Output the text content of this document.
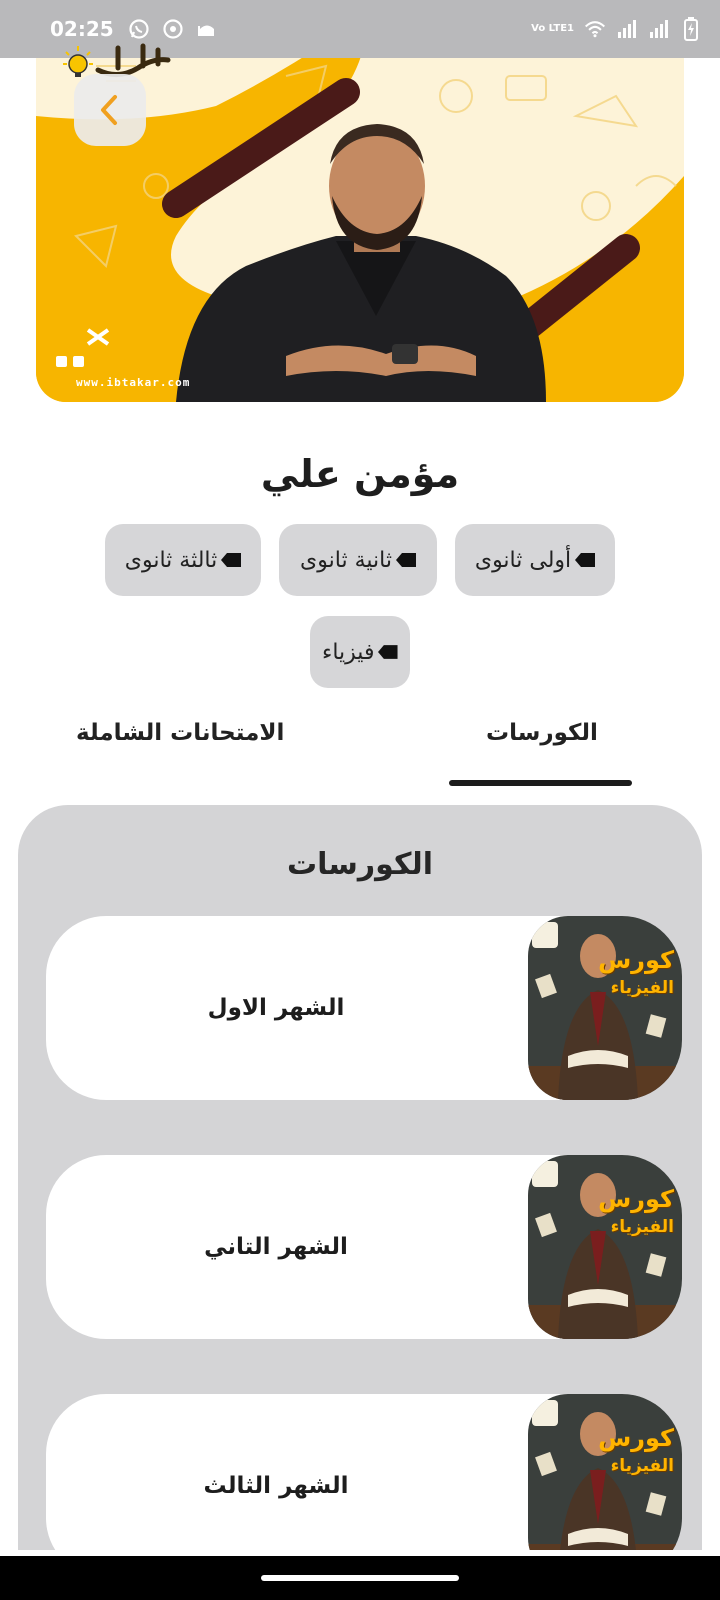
02:25	Vo LTE1
www.ibtakar.com
مؤمن علي
أولى ثانوى
ثانية ثانوى
ثالثة ثانوى
فيزياء
الكورسات
الامتحانات الشاملة
الكورسات
الشهر الاول
كورس
الفيزياء
الشهر التاني
كورس
الفيزياء
الشهر الثالث
كورس
الفيزياء
